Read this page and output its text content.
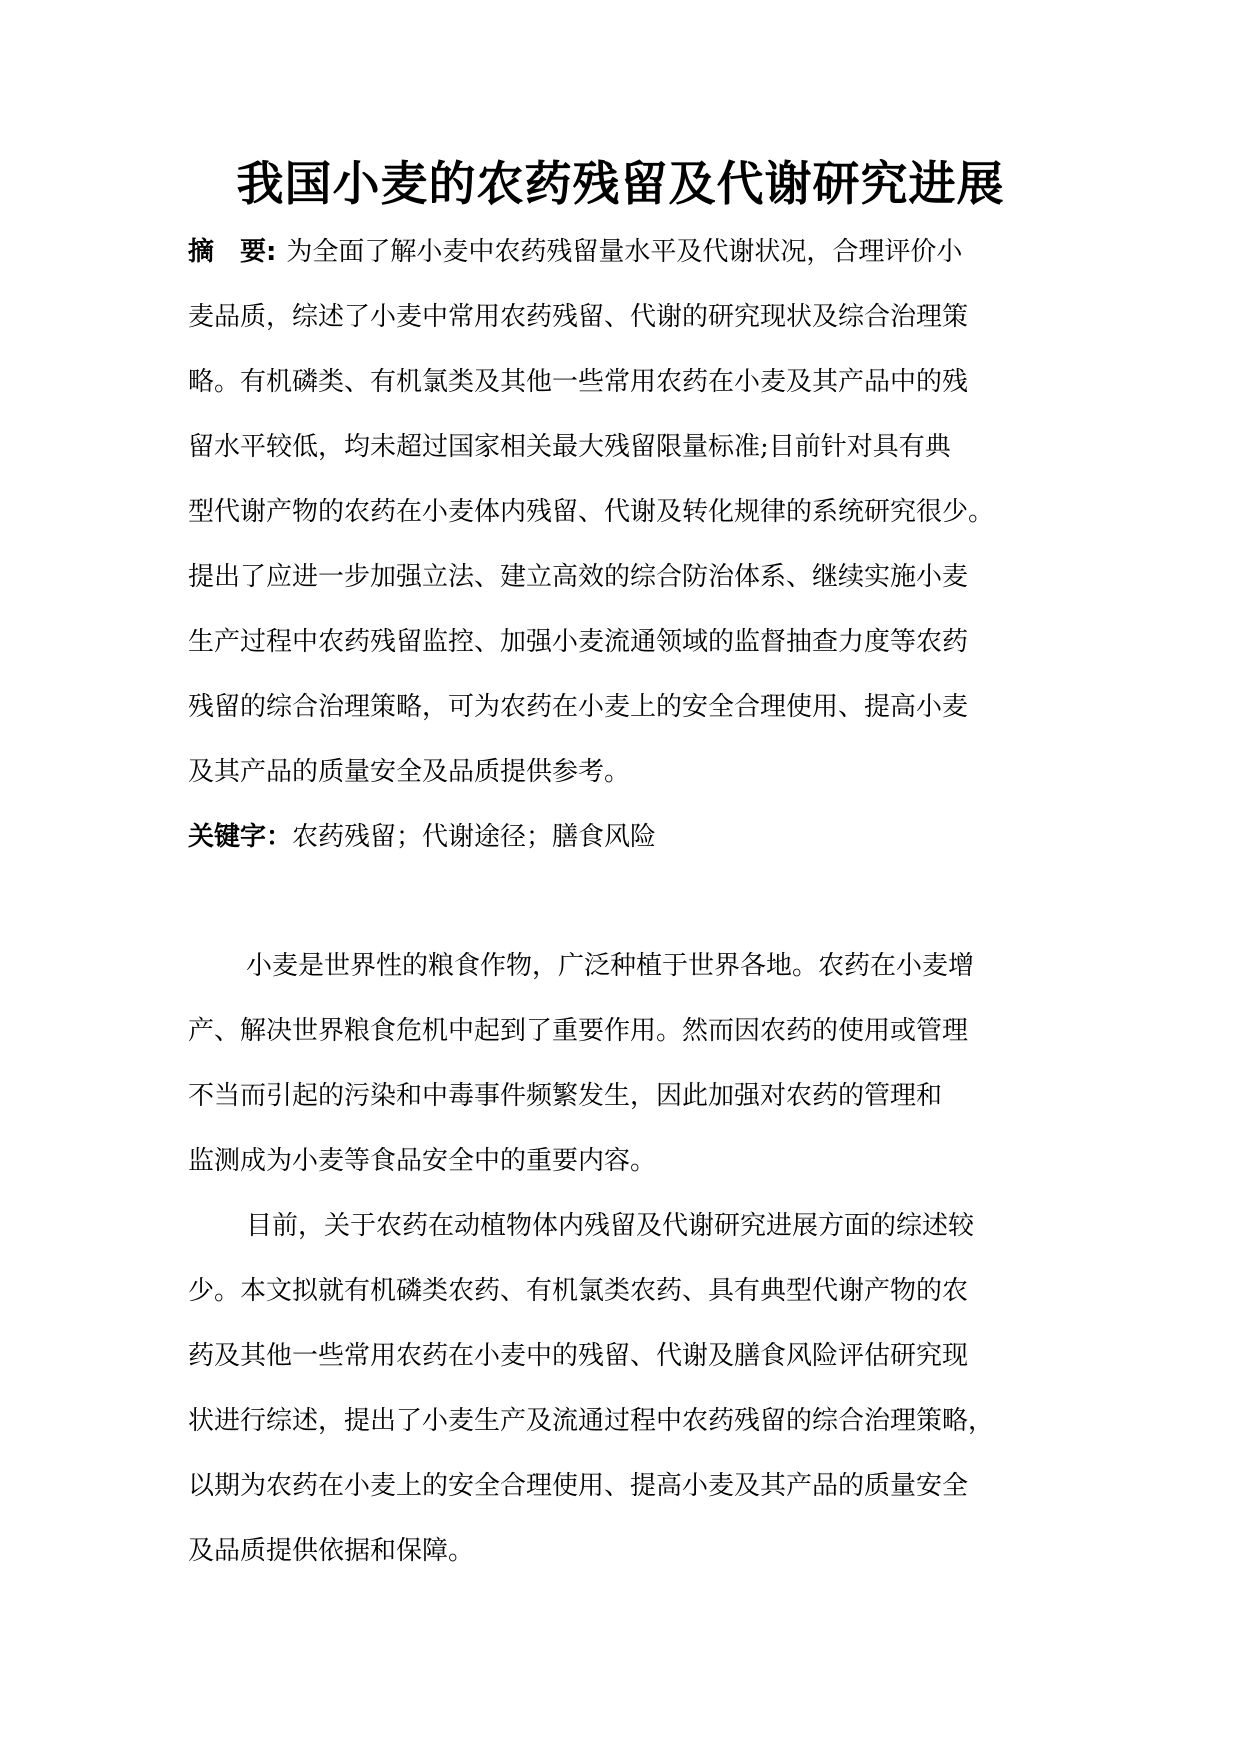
我国小麦的农药残留及代谢研究进展
摘　要: 为全面了解小麦中农药残留量水平及代谢状况，合理评价小
麦品质，综述了小麦中常用农药残留、代谢的研究现状及综合治理策
略。有机磷类、有机氯类及其他一些常用农药在小麦及其产品中的残
留水平较低，均未超过国家相关最大残留限量标准;目前针对具有典
型代谢产物的农药在小麦体内残留、代谢及转化规律的系统研究很少。
提出了应进一步加强立法、建立高效的综合防治体系、继续实施小麦
生产过程中农药残留监控、加强小麦流通领域的监督抽查力度等农药
残留的综合治理策略，可为农药在小麦上的安全合理使用、提高小麦
及其产品的质量安全及品质提供参考。
关键字：农药残留；代谢途径；膳食风险
小麦是世界性的粮食作物，广泛种植于世界各地。农药在小麦增
产、解决世界粮食危机中起到了重要作用。然而因农药的使用或管理
不当而引起的污染和中毒事件频繁发生，因此加强对农药的管理和
监测成为小麦等食品安全中的重要内容。
目前，关于农药在动植物体内残留及代谢研究进展方面的综述较
少。本文拟就有机磷类农药、有机氯类农药、具有典型代谢产物的农
药及其他一些常用农药在小麦中的残留、代谢及膳食风险评估研究现
状进行综述，提出了小麦生产及流通过程中农药残留的综合治理策略，
以期为农药在小麦上的安全合理使用、提高小麦及其产品的质量安全
及品质提供依据和保障。
